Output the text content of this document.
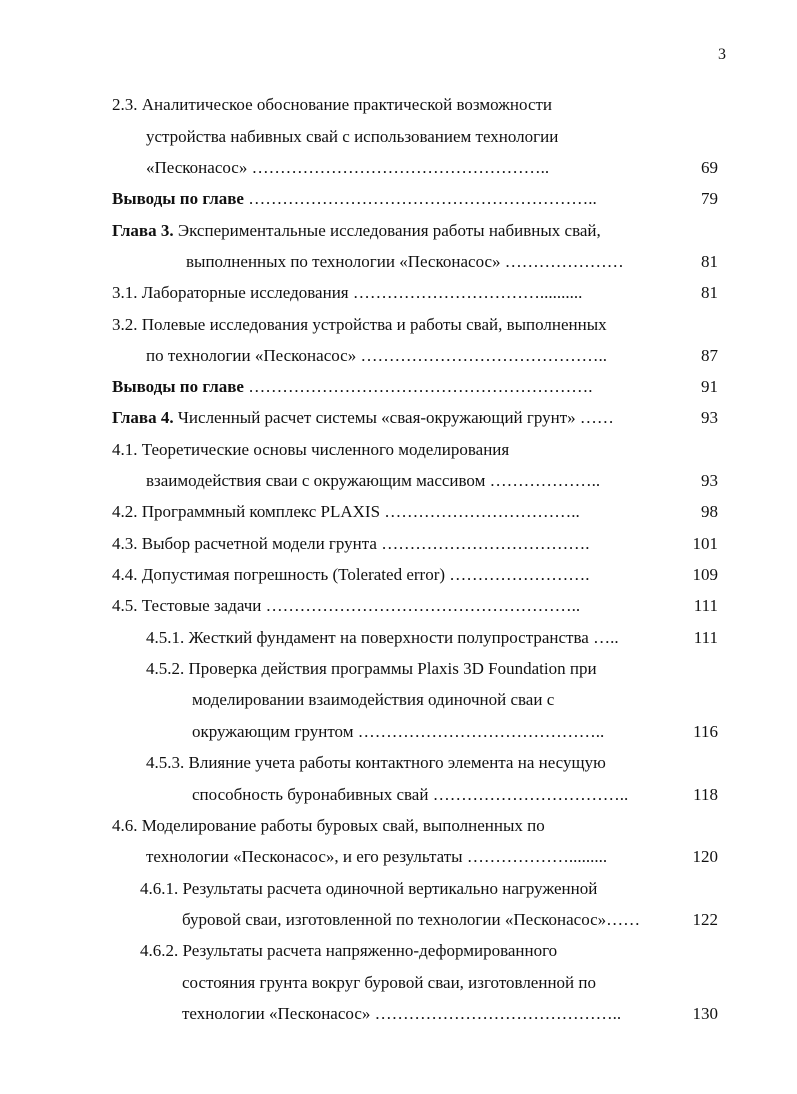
3
2.3. Аналитическое обоснование практической возможности
устройства набивных свай с использованием технологии
«Песконасос» ……………………………………………..	69
Выводы по главе ……………………………………………………..	79
Глава 3. Экспериментальные исследования работы набивных свай,
выполненных по технологии «Песконасос» …………………	81
3.1. Лабораторные исследования ……………………………..........	81
3.2. Полевые исследования устройства и работы свай, выполненных
по технологии «Песконасос» ……………………………………..	87
Выводы по главе …………………………………………………….	91
Глава 4. Численный расчет системы «свая-окружающий грунт» ……	93
4.1. Теоретические основы численного моделирования
взаимодействия сваи с окружающим массивом ………………..	93
4.2. Программный комплекс PLAXIS ……………………………..	98
4.3. Выбор расчетной модели грунта ……………………………….	101
4.4. Допустимая погрешность (Tolerated error) …………………….	109
4.5. Тестовые задачи ………………………………………………..	111
4.5.1. Жесткий фундамент на поверхности полупространства …..	111
4.5.2. Проверка действия программы Plaxis 3D Foundation при
моделировании взаимодействия одиночной сваи с
окружающим грунтом ……………………………………..	116
4.5.3. Влияние учета работы контактного элемента на несущую
способность буронабивных свай ……………………………..	118
4.6. Моделирование работы буровых свай, выполненных по
технологии «Песконасос», и его результаты ……………….........	120
4.6.1. Результаты расчета одиночной вертикально нагруженной
буровой сваи, изготовленной по технологии «Песконасос»……	122
4.6.2. Результаты расчета напряженно-деформированного
состояния грунта вокруг буровой сваи, изготовленной по
технологии «Песконасос» ……………………………………..	130
